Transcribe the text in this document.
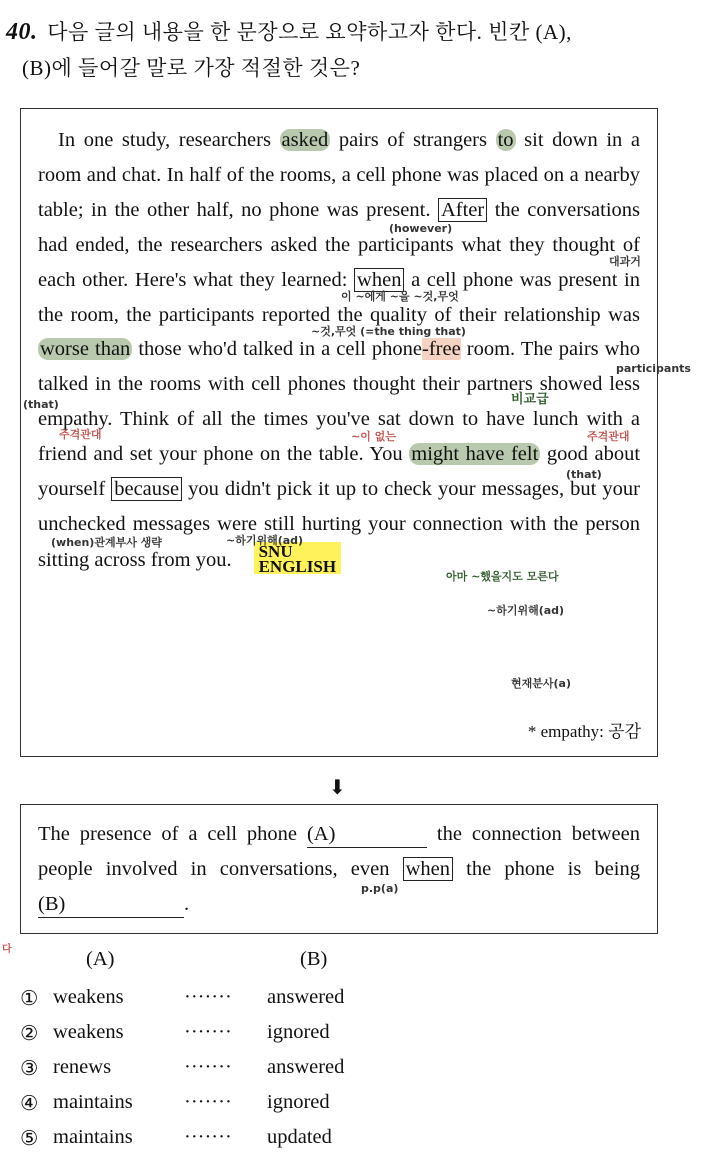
40. 다음 글의 내용을 한 문장으로 요약하고자 한다. 빈칸 (A),
(B)에 들어갈 말로 가장 적절한 것은?
In one study, researchers asked pairs of strangers to sit down in a room and chat. In half of the rooms, a cell phone was placed on a nearby table; in the other half, no phone was present. After the conversations had ended, the researchers asked the participants what they thought of each other. Here's what they learned: when a cell phone was present in the room, the participants reported the quality of their relationship was worse than those who'd talked in a cell phone-free room. The pairs who talked in the rooms with cell phones thought their partners showed less empathy. Think of all the times you've sat down to have lunch with a friend and set your phone on the table. You might have felt good about yourself because you didn't pick it up to check your messages, but your unchecked messages were still hurting your connection with the person sitting across from you. SNU
ENGLISH
* empathy: 공감
(however)
대과거
이 ~에게 ~을 ~것,무엇
~것,무엇 (=the thing that)
participants
비교급
(that)
주격관대	~이 없는	주격관대
(that)
(when)관계부사 생략	~하기위해(ad)
아마 ~했을지도 모른다
~하기위해(ad)
현재분사(a)
⬇
The presence of a cell phone (A)	the connection between people involved in conversations, even when the phone is being (B)	.
p.p(a)
다	(A)	(B)
① weakens	······· answered
② weakens	······· ignored
③ renews	······· answered
④ maintains	······· ignored
⑤ maintains	······· updated
